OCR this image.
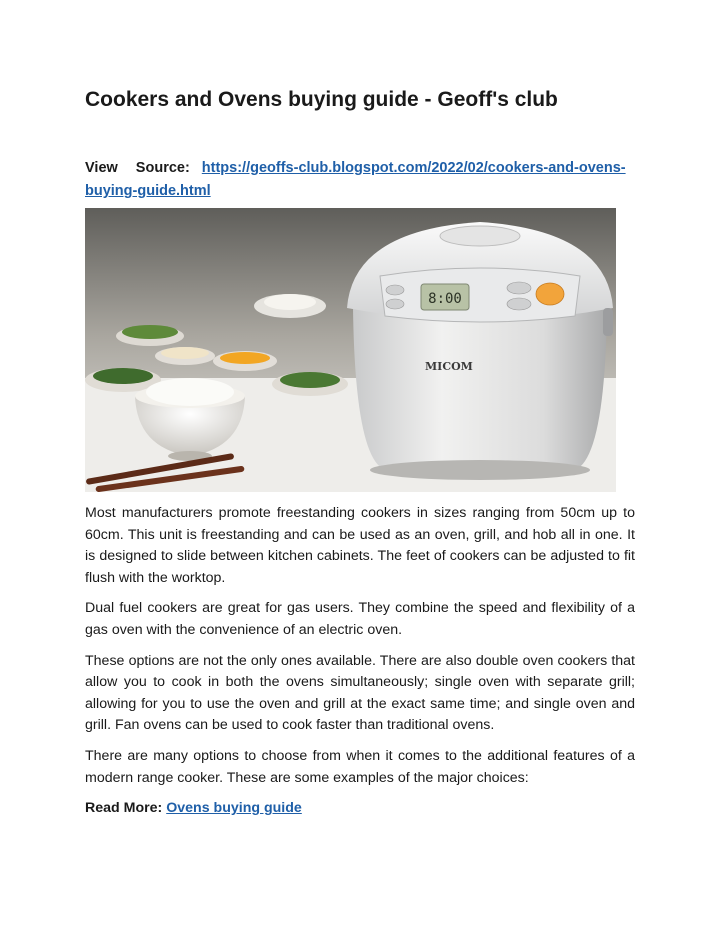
Cookers and Ovens buying guide - Geoff's club
View Source: https://geoffs-club.blogspot.com/2022/02/cookers-and-ovens-buying-guide.html
8:00
MICOM

Most manufacturers promote freestanding cookers in sizes ranging from 50cm up to 60cm. This unit is freestanding and can be used as an oven, grill, and hob all in one. It is designed to slide between kitchen cabinets. The feet of cookers can be adjusted to fit flush with the worktop.

Dual fuel cookers are great for gas users. They combine the speed and flexibility of a gas oven with the convenience of an electric oven.

These options are not the only ones available. There are also double oven cookers that allow you to cook in both the ovens simultaneously; single oven with separate grill; allowing for you to use the oven and grill at the exact same time; and single oven and grill. Fan ovens can be used to cook faster than traditional ovens.

There are many options to choose from when it comes to the additional features of a modern range cooker. These are some examples of the major choices:

Read More: Ovens buying guide
